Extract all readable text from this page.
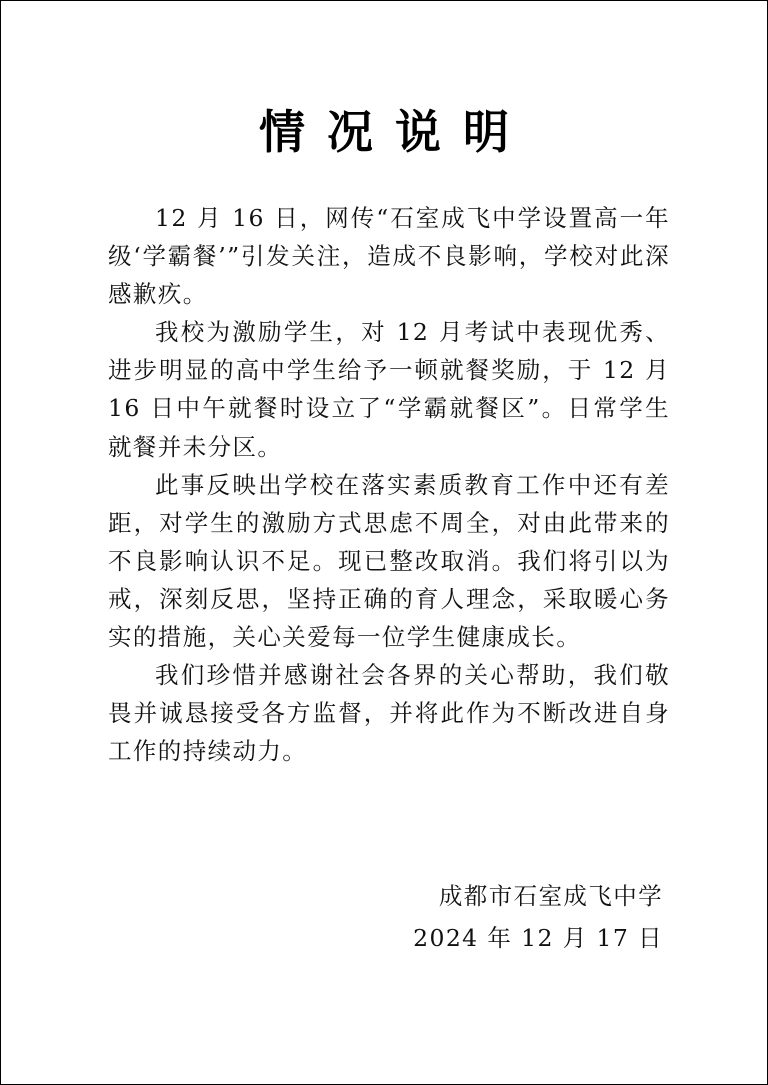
情况说明

12 月 16 日，网传“石室成飞中学设置高一年级‘学霸餐’”引发关注，造成不良影响，学校对此深感歉疚。

我校为激励学生，对 12 月考试中表现优秀、进步明显的高中学生给予一顿就餐奖励，于 12 月 16 日中午就餐时设立了“学霸就餐区”。日常学生就餐并未分区。

此事反映出学校在落实素质教育工作中还有差距，对学生的激励方式思虑不周全，对由此带来的不良影响认识不足。现已整改取消。我们将引以为戒，深刻反思，坚持正确的育人理念，采取暖心务实的措施，关心关爱每一位学生健康成长。

我们珍惜并感谢社会各界的关心帮助，我们敬畏并诚恳接受各方监督，并将此作为不断改进自身工作的持续动力。

成都市石室成飞中学
2024 年 12 月 17 日
